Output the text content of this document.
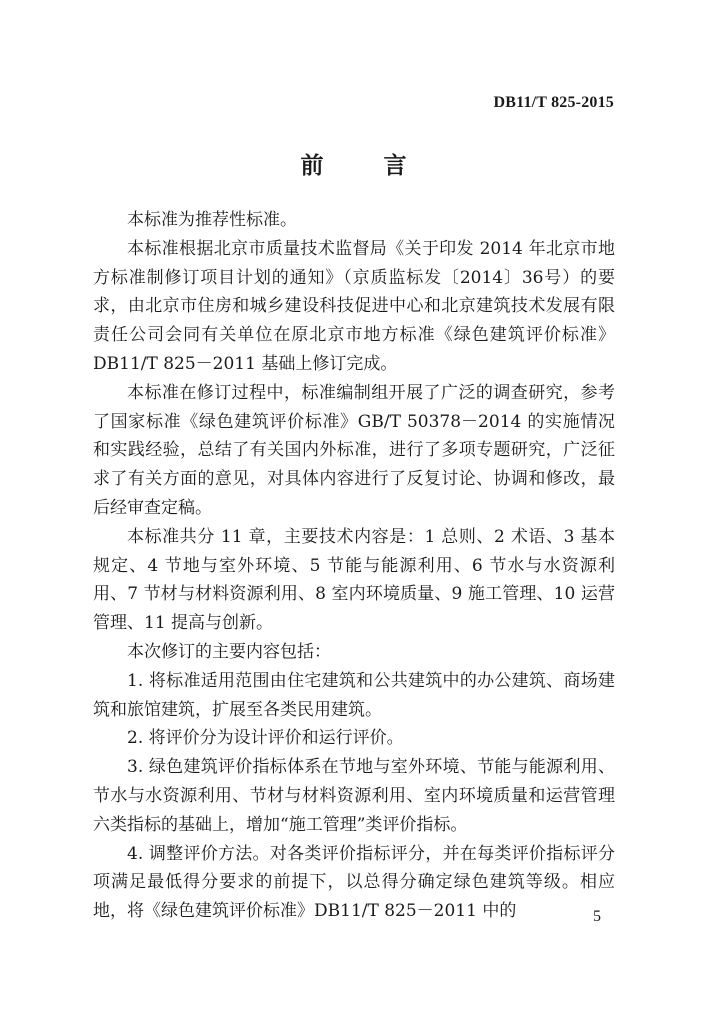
DB11/T 825-2015
前 言

本标准为推荐性标准。

本标准根据北京市质量技术监督局《关于印发 2014 年北京市地方标准制修订项目计划的通知》（京质监标发〔2014〕36号）的要求，由北京市住房和城乡建设科技促进中心和北京建筑技术发展有限责任公司会同有关单位在原北京市地方标准《绿色建筑评价标准》DB11/T 825－2011 基础上修订完成。

本标准在修订过程中，标准编制组开展了广泛的调查研究，参考了国家标准《绿色建筑评价标准》GB/T 50378－2014 的实施情况和实践经验，总结了有关国内外标准，进行了多项专题研究，广泛征求了有关方面的意见，对具体内容进行了反复讨论、协调和修改，最后经审查定稿。

本标准共分 11 章，主要技术内容是：1 总则、2 术语、3 基本规定、4 节地与室外环境、5 节能与能源利用、6 节水与水资源利用、7 节材与材料资源利用、8 室内环境质量、9 施工管理、10 运营管理、11 提高与创新。

本次修订的主要内容包括：

1. 将标准适用范围由住宅建筑和公共建筑中的办公建筑、商场建筑和旅馆建筑，扩展至各类民用建筑。

2. 将评价分为设计评价和运行评价。

3. 绿色建筑评价指标体系在节地与室外环境、节能与能源利用、节水与水资源利用、节材与材料资源利用、室内环境质量和运营管理六类指标的基础上，增加“施工管理”类评价指标。

4. 调整评价方法。对各类评价指标评分，并在每类评价指标评分项满足最低得分要求的前提下，以总得分确定绿色建筑等级。相应地，将《绿色建筑评价标准》DB11/T 825－2011 中的	5
